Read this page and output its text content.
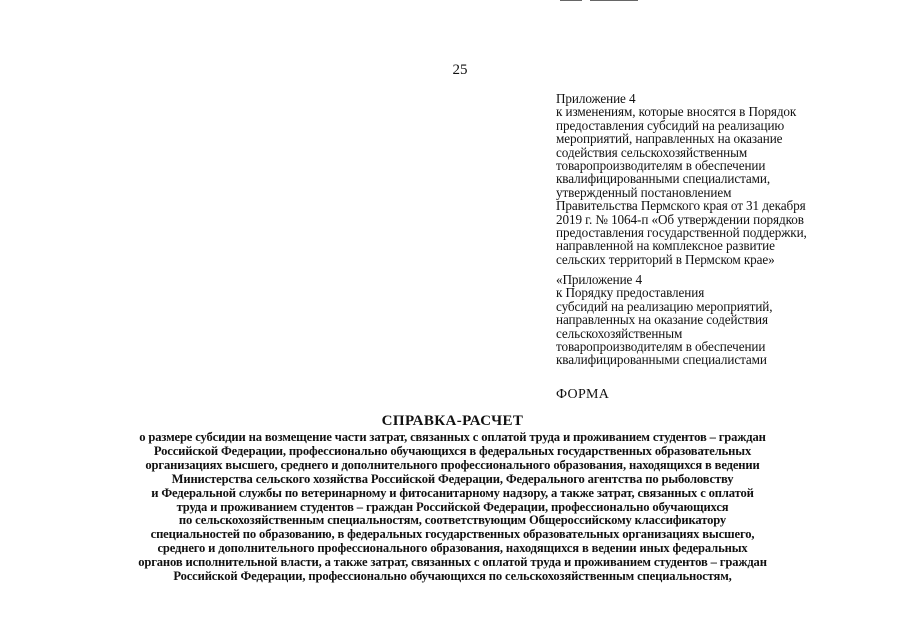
25
Приложение 4
к изменениям, которые вносятся в Порядок
предоставления субсидий на реализацию
мероприятий, направленных на оказание
содействия сельскохозяйственным
товаропроизводителям в обеспечении
квалифицированными специалистами,
утвержденный постановлением
Правительства Пермского края от 31 декабря
2019 г. № 1064-п «Об утверждении порядков
предоставления государственной поддержки,
направленной на комплексное развитие
сельских территорий в Пермском крае»
«Приложение 4
к Порядку предоставления
субсидий на реализацию мероприятий,
направленных на оказание содействия
сельскохозяйственным
товаропроизводителям в обеспечении
квалифицированными специалистами
ФОРМА
СПРАВКА-РАСЧЕТ
о размере субсидии на возмещение части затрат, связанных с оплатой труда и проживанием студентов – граждан
Российской Федерации, профессионально обучающихся в федеральных государственных образовательных
организациях высшего, среднего и дополнительного профессионального образования, находящихся в ведении
Министерства сельского хозяйства Российской Федерации, Федерального агентства по рыболовству
и Федеральной службы по ветеринарному и фитосанитарному надзору, а также затрат, связанных с оплатой
труда и проживанием студентов – граждан Российской Федерации, профессионально обучающихся
по сельскохозяйственным специальностям, соответствующим Общероссийскому классификатору
специальностей по образованию, в федеральных государственных образовательных организациях высшего,
среднего и дополнительного профессионального образования, находящихся в ведении иных федеральных
органов исполнительной власти, а также затрат, связанных с оплатой труда и проживанием студентов – граждан
Российской Федерации, профессионально обучающихся по сельскохозяйственным специальностям,
